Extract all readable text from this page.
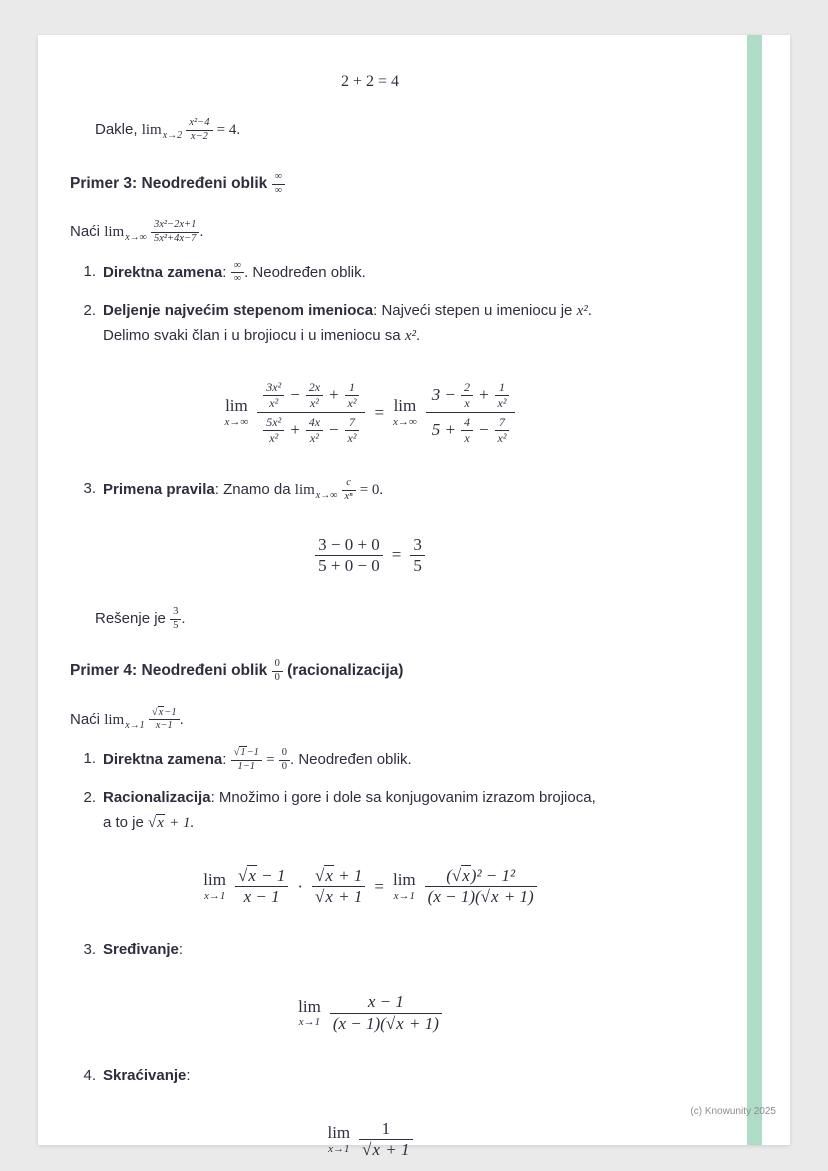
2 + 2 = 4

Dakle, $\lim_{x\to 2} \frac{\text{x²−4}}{x-2} = 4$.

Primer 3: Neodređeni oblik ∞
∞

Naći $\lim_{x\to\infty} \frac{\text{3x²−2x+1}}{\text{5x²+4x−7}}$ .

1. Direktna zamena: ∞
∞ . Neodređen oblik.
2. Deljenje najvećim stepenom imenioca: Najveći stepen u imeniocu je x².
Delimo svaki član i u brojiocu i u imeniocu sa x².
lim
$x\to\infty \frac{\frac{\text{3x²}}{\text{x²}} - \frac{2x}{\text{x²}} + \frac{1}{\text{x²}}}{\frac{\text{5x²}}{\text{x²}} + \frac{4x}{\text{x²}} - \frac{7}{\text{x²}}} = \lim$
$x\to\infty \frac{3 - \frac{2}{x} + \frac{1}{\text{x²}}}{5 + \frac{4}{x} - \frac{7}{\text{x²}}}$
3. Primena pravila: Znamo da $\lim_{x\to\infty} \frac{c}{\text{xⁿ}} = 0$.
$\frac{3 - 0 + 0}{5 + 0 - 0} = \frac{3}{5}$

Rešenje je $\frac{3}{5}$ .

Primer 4: Neodređeni oblik $\frac{0}{0}$ (racionalizacija)

Naći $\lim_{x\to 1} \frac{√x-1}{x-1}$ .

1. Direktna zamena: $\frac{√1-1}{1-1} = \frac{0}{0}$ . Neodređen oblik.
2. Racionalizacija: Množimo i gore i dole sa konjugovanim izrazom brojioca,
a to je √x + 1.
lim
$x\to 1 \frac{√x - 1}{x - 1} \cdot \frac{√x + 1}{√x + 1} = \lim$
$x\to 1 \frac{\text{(√x)² − 1²}}{(x - 1)(√x + 1)}$
3. Sređivanje:
lim
$x\to 1 \frac{x - 1}{(x - 1)(√x + 1)}$
4. Skraćivanje:
lim
$x\to 1 \frac{1}{√x + 1}$
(c) Knowunity 2025
